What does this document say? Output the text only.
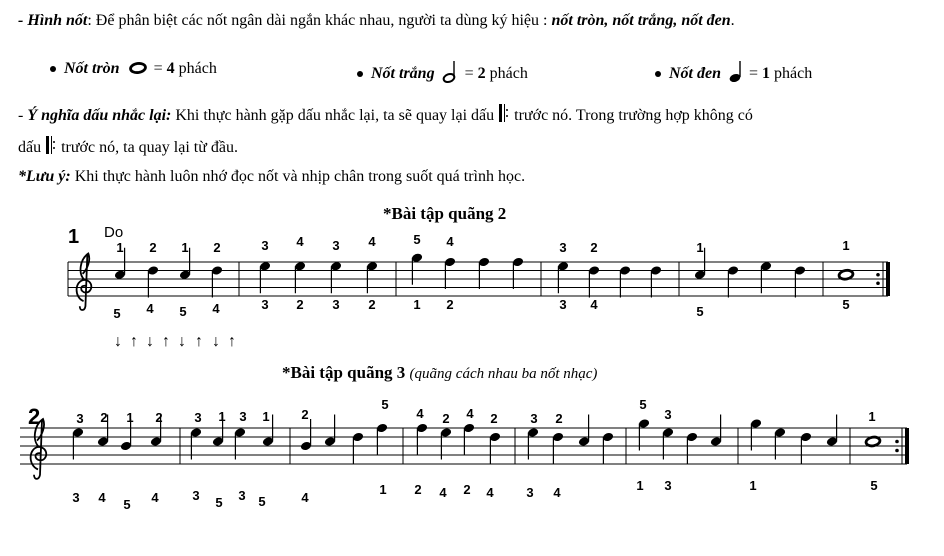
- Hình nốt: Để phân biệt các nốt ngân dài ngắn khác nhau, người ta dùng ký hiệu : nốt tròn, nốt trắng, nốt đen.
Nốt tròn  = 4 phách	Nốt trắng  = 2 phách	Nốt đen  = 1 phách
- Ý nghĩa dấu nhắc lại: Khi thực hành gặp dấu nhắc lại, ta sẽ quay lại dấu
trước nó. Trong trường hợp không có
dấu
trước nó, ta quay lại từ đầu.
*Lưu ý: Khi thực hành luôn nhớ đọc nốt và nhịp chân trong suốt quá trình học.
*Bài tập quãng 2
*Bài tập quãng 3 (quãng cách nhau ba nốt nhạc)
1 Do
1 2 1 2	3 4 3 4	5 4	3 2	1	1
5 4 5 4	3 2 3 2	1 2	3 4	5	5
↓ ↑ ↓ ↑ ↓ ↑ ↓ ↑
2	3 2 1 2 3 1 3 1 2
5
4 2 4 2	3 2
5
3	1
3 4 5 4	3 5 3 5	4
1 2 4 2 4	3 4	1 3	1	5
